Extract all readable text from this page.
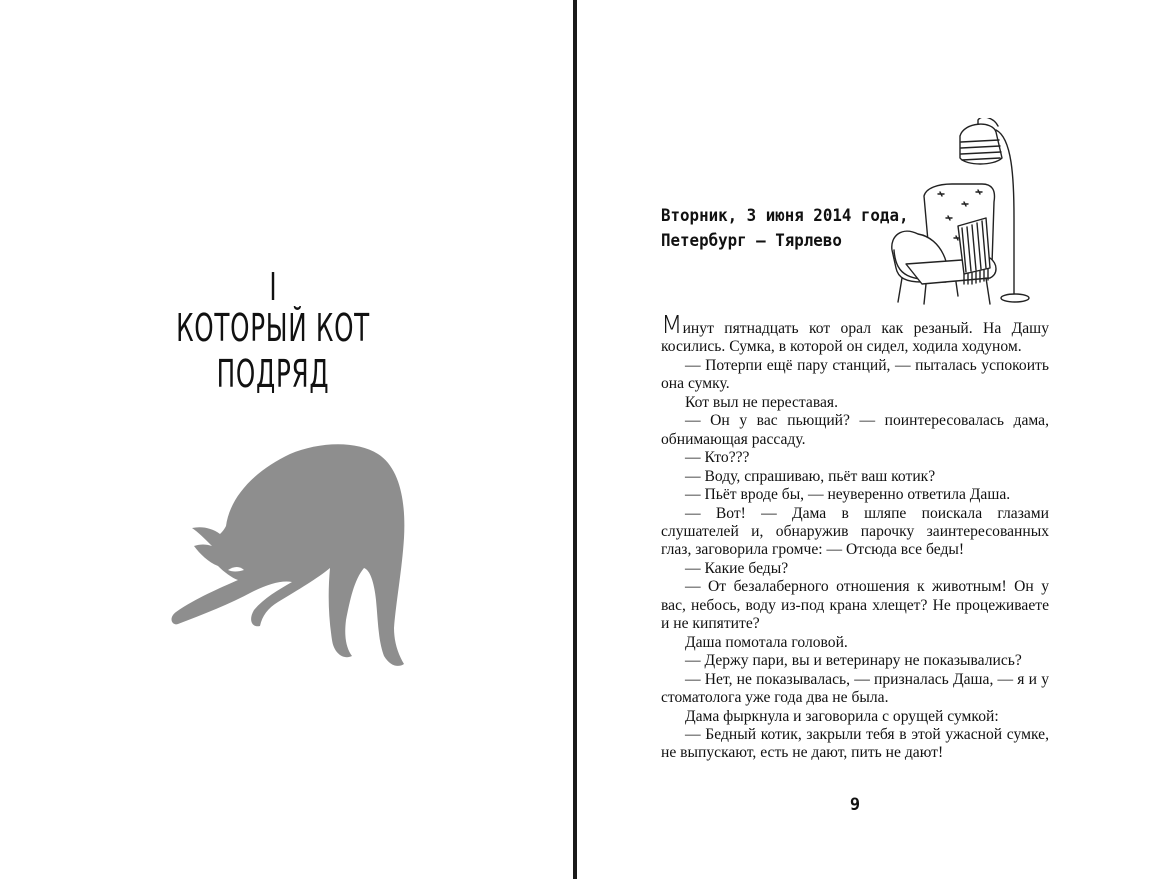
I
КОТОРЫЙ КОТ
ПОДРЯД
Вторник, 3 июня 2014 года,
Петербург – Тярлево

Минут пятнадцать кот орал как резаный. На Дашу косились. Сумка, в которой он сидел, ходила ходуном.

— Потерпи ещё пару станций, — пыталась успокоить она сумку.

Кот выл не переставая.

— Он у вас пьющий? — поинтересовалась дама, обнимающая рассаду.

— Кто???

— Воду, спрашиваю, пьёт ваш котик?

— Пьёт вроде бы, — неуверенно ответила Даша.

— Вот! — Дама в шляпе поискала глазами слушателей и, обнаружив парочку заинтересованных глаз, заговорила громче: — Отсюда все беды!

— Какие беды?

— От безалаберного отношения к животным! Он у вас, небось, воду из-под крана хлещет? Не процеживаете и не кипятите?

Даша помотала головой.

— Держу пари, вы и ветеринару не показывались?

— Нет, не показывалась, — призналась Даша, — я и у стоматолога уже года два не была.

Дама фыркнула и заговорила с орущей сумкой:

— Бедный котик, закрыли тебя в этой ужасной сумке, не выпускают, есть не дают, пить не дают!

9
